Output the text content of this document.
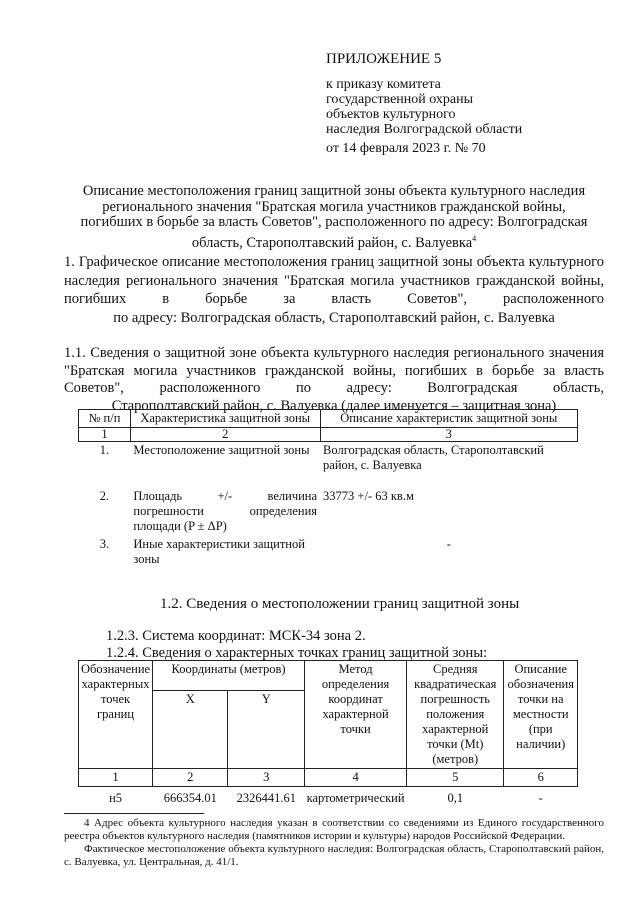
ПРИЛОЖЕНИЕ 5
к приказу комитета
государственной охраны
объектов культурного
наследия Волгоградской области
от 14 февраля 2023 г. № 70
Описание местоположения границ защитной зоны объекта культурного наследия
регионального значения "Братская могила участников гражданской войны,
погибших в борьбе за власть Советов", расположенного по адресу: Волгоградская
область, Старополтавский район, с. Валуевка$^4$
1. Графическое описание местоположения границ защитной зоны объекта культурного наследия регионального значения "Братская могила участников гражданской войны, погибших в борьбе за власть Советов", расположенного
по адресу: Волгоградская область, Старополтавский район, с. Валуевка
1.1. Сведения о защитной зоне объекта культурного наследия регионального значения "Братская могила участников гражданской войны, погибших в борьбе за власть Советов", расположенного по адресу: Волгоградская область,
Старополтавский район, с. Валуевка (далее именуется – защитная зона)
№ п/п	Характеристика защитной зоны	Описание характеристик защитной зоны
1	2	3
1.	Местоположение защитной зоны	Волгоградская область, Старополтавский район, с. Валуевка
2.	Площадь +/- величина погрешности определения площади (P ± ΔP)	33773 +/- 63 кв.м
3.	Иные характеристики защитной зоны	-
1.2. Сведения о местоположении границ защитной зоны
1.2.3. Система координат: МСК-34 зона 2.
1.2.4. Сведения о характерных точках границ защитной зоны:
Обозначение характерных точек границ	Координаты (метров)		Метод определения координат характерной точки	Средняя квадратическая погрешность положения характерной точки (Mt) (метров)	Описание обозначения точки на местности (при наличии)
	X	Y			
1	2	3	4	5	6
н5	666354.01	2326441.61	картометрический	0,1	-

4 Адрес объекта культурного наследия указан в соответствии со сведениями из Единого государственного реестра объектов культурного наследия (памятников истории и культуры) народов Российской Федерации.

Фактическое местоположение объекта культурного наследия: Волгоградская область, Старополтавский район, с. Валуевка, ул. Центральная, д. 41/1.
